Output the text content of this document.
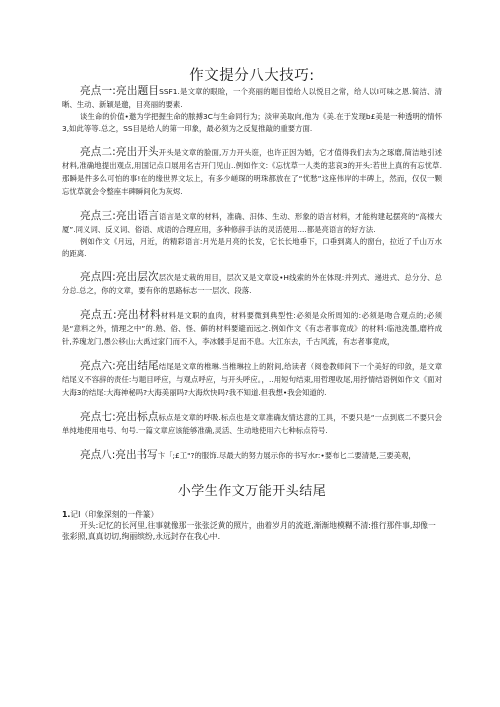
作文提分八大技巧:

亮点一:亮出题目SSF1.是文章的眼睑，一个亮丽的题目惶给人以悦目之常，给人以I可味之恩.简洁、清晰、生动、新颖是邀，目亮丽的要素.

谈生命的价值•邀为学把握生命的脓搏3C与生命同行为；淡审美取向,他为《美.在于发现b£美是一种透明的情怀3,如此等等.总之，SS目是给人的第一印象，最必须为之反复推敲的重要方面.

亮点二:亮出开头开头是文章的脸面,万力开头诳，也许正因为婚，它才值得我们去为之琢磨,简洁地引述材料,准确地提出观点,用国记点口展用名吉开门见山..例如作文:《忘忧草一人类的悲哀3的开头:若世上真的有忘忧草.那瞬是件多么可怕的事!在的缘世界文坛上，有多少嵯琛的明珠都放在了“忧愁”这座伟岸的丰碑上，然而，仅仅一颗忘忧草就会令整座丰碑瞬间化为灰烬.

亮点三:亮出语言语言是文章的材料，准确、汨体、生动、形象的语言材料，才能构建起摆亮的“高楼大厦”.同义词、反义词、俗语、成语的合理应用，多种修辞手法的灵活使用....都是亮语言的好方法.

例如作文《月远，月近，的精彩语言:月光是月亮的长发，它长长地垂下，口垂到离人的窗台，拉近了千山万水的距离.

亮点四:亮出层次层次是丈栽的用目，层次又是文章设•H线索的外在体现:并列式、递进式、总分分、总分总.总之，你的文章，要有你的思路标志一一层次、段落.

亮点五:亮出材料材料是文职的血肉，材料要微到典型性:必须是众所周知的:必须是吻合观点的;必须是“意料之外，情理之中”的.熟、俗、怪、僻的材料要避而远之.例如作文《有志者事竟成》的材料:临池洗墨,磨杵成针,养瑰龙门,愚公移山;大禹过家门而不入，李冰髅手足而不息。大江东去，千古风流，有志者事竟成，

亮点六:亮出结尾结尾是文章的椎琳.当椎琳拉上的附间,给读者（阅卷教师间下一个美好的印敛，是文章结尾义不容辞的责任:与题目呼应，与观点呼应，与开头呼应。，..用短句结束,用哲理收尾,用抒情结语例如作文《面对大海3的结尾:大海神秘吗?大海美丽吗?大海炊快吗?我不知道.但我想•我会知道的.

亮点七:亮出标点标点是文章的呼吸.标点也是文章准确友情达意的工具，不要只是“一点到底二不要只会单纯地使用电号、句号.一篇文章应该能够准确,灵活、生动地使用六七种标点符号.

亮点八:亮出书写卞「;£工"?的服饰.尽最大的努力展示你的书写水r:•要布匕二要清楚,三要美观，

小学生作文万能开头结尾

1.记I（印象深刻的一件篆）

开头:记忆的长河里,往事就像那一张张泛黄的照片，曲着岁月的流逝,渐渐地模糊不清:推行那件事,却像一张彩照,真真切切,绚丽缤纷,永远封存在我心中.
